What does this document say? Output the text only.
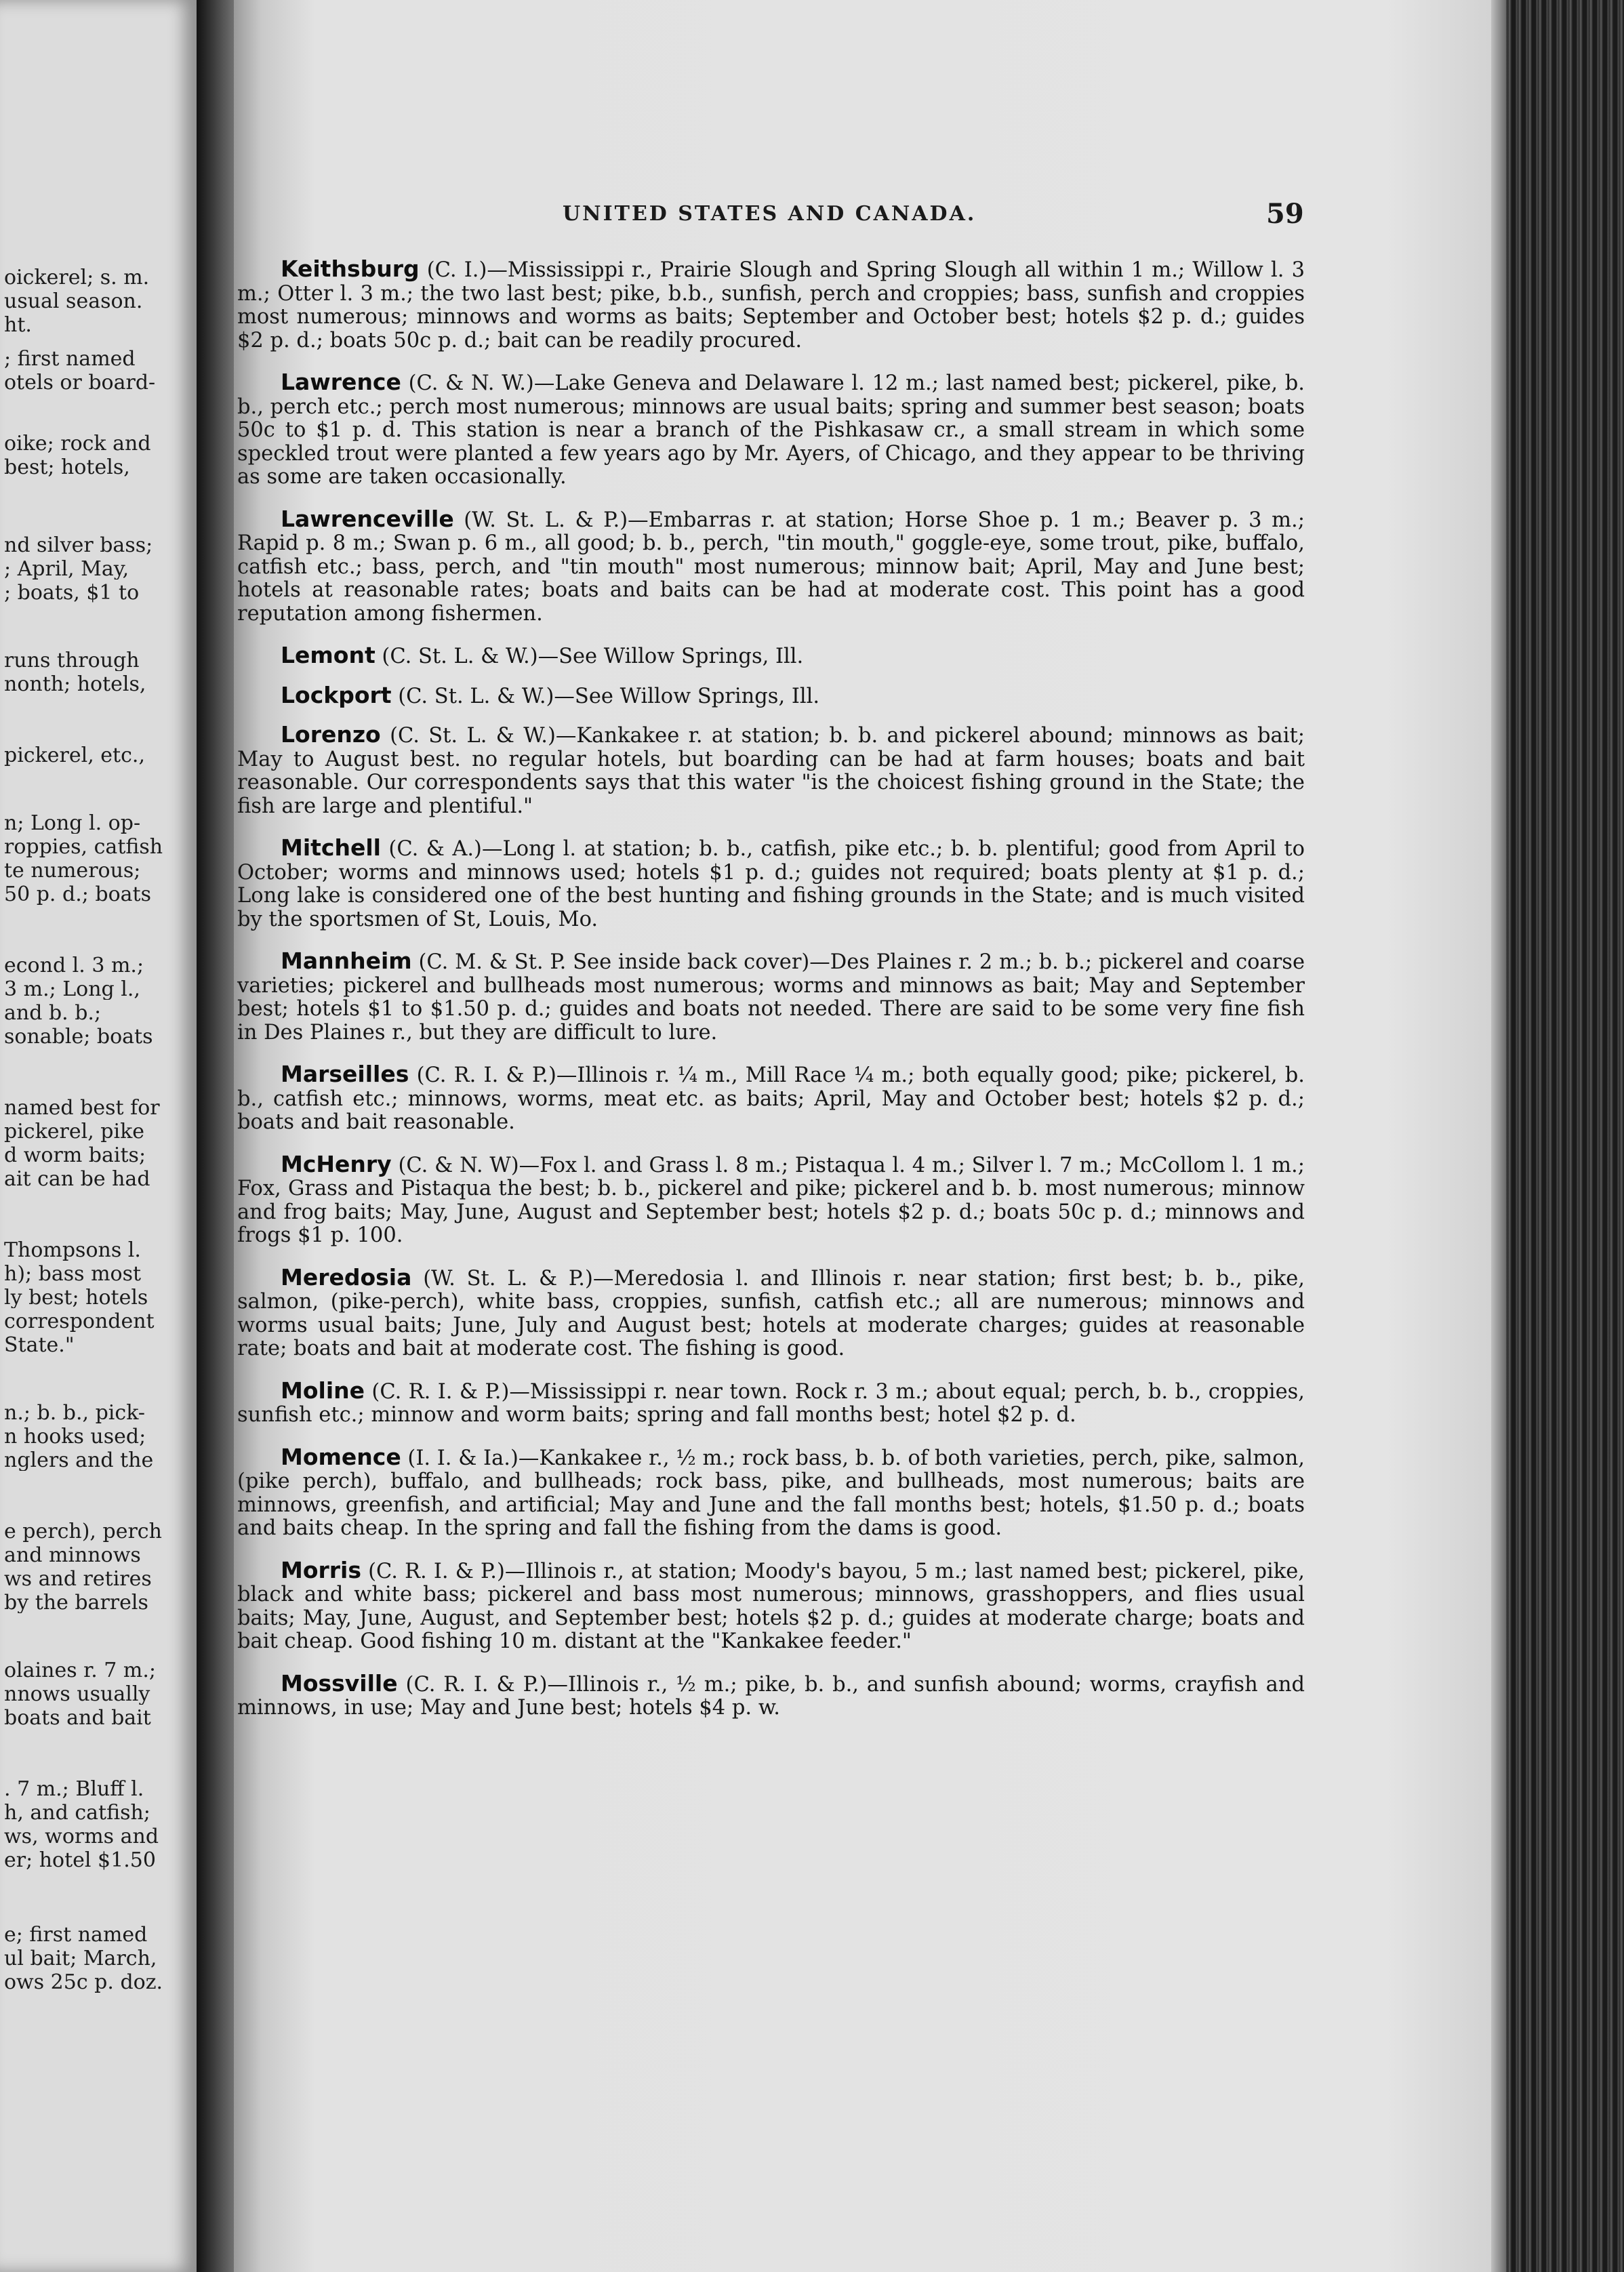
oickerel; s. m.
usual season.
ht.
; first named
otels or board-
oike; rock and
best; hotels,
nd silver bass;
; April, May,
; boats, $1 to
runs through
nonth; hotels,
pickerel, etc.,
n; Long l. op-
roppies, catfish
te numerous;
50 p. d.; boats
econd l. 3 m.;
3 m.; Long l.,
and b. b.;
sonable; boats
named best for
pickerel, pike
d worm baits;
ait can be had
Thompsons l.
h); bass most
ly best; hotels
correspondent
State."
n.; b. b., pick-
n hooks used;
nglers and the
e perch), perch
and minnows
ws and retires
by the barrels
olaines r. 7 m.;
nnows usually
boats and bait
. 7 m.; Bluff l.
h, and catfish;
ws, worms and
er; hotel $1.50
e; first named
ul bait; March,
ows 25c p. doz.
UNITED STATES AND CANADA.	59

Keithsburg (C. I.)—Mississippi r., Prairie Slough and Spring Slough all within 1 m.; Willow l. 3 m.; Otter l. 3 m.; the two last best; pike, b.b., sunfish, perch and croppies; bass, sunfish and croppies most numerous; minnows and worms as baits; September and October best; hotels $2 p. d.; guides $2 p. d.; boats 50c p. d.; bait can be readily procured.

Lawrence (C. & N. W.)—Lake Geneva and Delaware l. 12 m.; last named best; pickerel, pike, b. b., perch etc.; perch most numerous; minnows are usual baits; spring and summer best season; boats 50c to $1 p. d. This station is near a branch of the Pishkasaw cr., a small stream in which some speckled trout were planted a few years ago by Mr. Ayers, of Chicago, and they appear to be thriving as some are taken occasionally.

Lawrenceville (W. St. L. & P.)—Embarras r. at station; Horse Shoe p. 1 m.; Beaver p. 3 m.; Rapid p. 8 m.; Swan p. 6 m., all good; b. b., perch, "tin mouth," goggle-eye, some trout, pike, buffalo, catfish etc.; bass, perch, and "tin mouth" most numerous; minnow bait; April, May and June best; hotels at reasonable rates; boats and baits can be had at moderate cost. This point has a good reputation among fishermen.

Lemont (C. St. L. & W.)—See Willow Springs, Ill.

Lockport (C. St. L. & W.)—See Willow Springs, Ill.

Lorenzo (C. St. L. & W.)—Kankakee r. at station; b. b. and pickerel abound; minnows as bait; May to August best. no regular hotels, but boarding can be had at farm houses; boats and bait reasonable. Our correspondents says that this water "is the choicest fishing ground in the State; the fish are large and plentiful."

Mitchell (C. & A.)—Long l. at station; b. b., catfish, pike etc.; b. b. plentiful; good from April to October; worms and minnows used; hotels $1 p. d.; guides not required; boats plenty at $1 p. d.; Long lake is considered one of the best hunting and fishing grounds in the State; and is much visited by the sportsmen of St, Louis, Mo.

Mannheim (C. M. & St. P. See inside back cover)—Des Plaines r. 2 m.; b. b.; pickerel and coarse varieties; pickerel and bullheads most numerous; worms and minnows as bait; May and September best; hotels $1 to $1.50 p. d.; guides and boats not needed. There are said to be some very fine fish in Des Plaines r., but they are difficult to lure.

Marseilles (C. R. I. & P.)—Illinois r. ¼ m., Mill Race ¼ m.; both equally good; pike; pickerel, b. b., catfish etc.; minnows, worms, meat etc. as baits; April, May and October best; hotels $2 p. d.; boats and bait reasonable.

McHenry (C. & N. W)—Fox l. and Grass l. 8 m.; Pistaqua l. 4 m.; Silver l. 7 m.; McCollom l. 1 m.; Fox, Grass and Pistaqua the best; b. b., pickerel and pike; pickerel and b. b. most numerous; minnow and frog baits; May, June, August and September best; hotels $2 p. d.; boats 50c p. d.; minnows and frogs $1 p. 100.

Meredosia (W. St. L. & P.)—Meredosia l. and Illinois r. near station; first best; b. b., pike, salmon, (pike-perch), white bass, croppies, sunfish, catfish etc.; all are numerous; minnows and worms usual baits; June, July and August best; hotels at moderate charges; guides at reasonable rate; boats and bait at moderate cost. The fishing is good.

Moline (C. R. I. & P.)—Mississippi r. near town. Rock r. 3 m.; about equal; perch, b. b., croppies, sunfish etc.; minnow and worm baits; spring and fall months best; hotel $2 p. d.

Momence (I. I. & Ia.)—Kankakee r., ½ m.; rock bass, b. b. of both varieties, perch, pike, salmon, (pike perch), buffalo, and bullheads; rock bass, pike, and bullheads, most numerous; baits are minnows, greenfish, and artificial; May and June and the fall months best; hotels, $1.50 p. d.; boats and baits cheap. In the spring and fall the fishing from the dams is good.

Morris (C. R. I. & P.)—Illinois r., at station; Moody's bayou, 5 m.; last named best; pickerel, pike, black and white bass; pickerel and bass most numerous; minnows, grasshoppers, and flies usual baits; May, June, August, and September best; hotels $2 p. d.; guides at moderate charge; boats and bait cheap. Good fishing 10 m. distant at the "Kankakee feeder."

Mossville (C. R. I. & P.)—Illinois r., ½ m.; pike, b. b., and sunfish abound; worms, crayfish and minnows, in use; May and June best; hotels $4 p. w.
